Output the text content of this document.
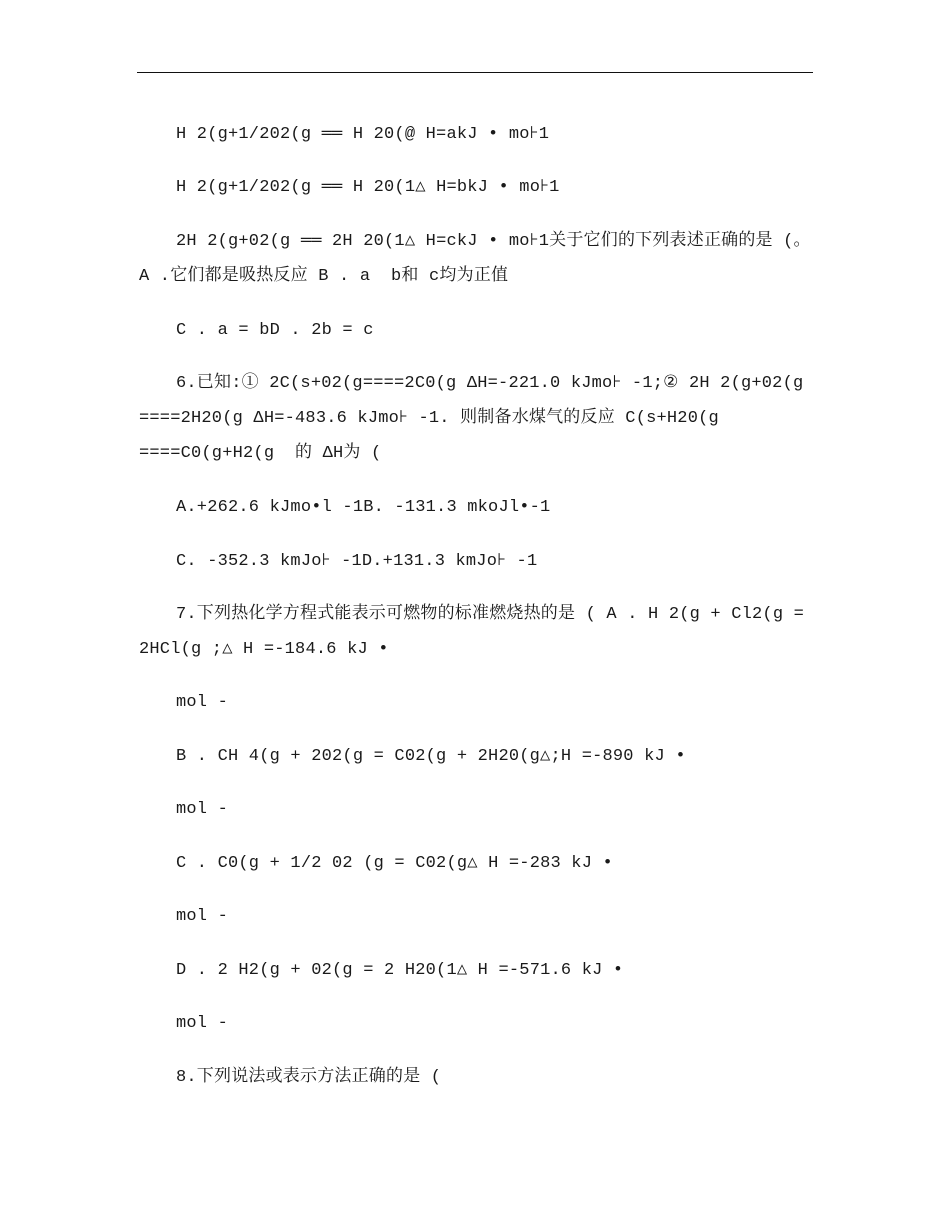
H 2(g+1/202(g ══ H 20(@ H=akJ • mo⊦1
H 2(g+1/202(g ══ H 20(1△ H=bkJ • mo⊦1
2H 2(g+02(g ══ 2H 20(1△ H=ckJ • mo⊦1关于它们的下列表述正确的是 (。
A .它们都是吸热反应 B . a  b和 c均为正值
C . a = bD . 2b = c
6.已知:① 2C(s+02(g====2C0(g ΔH=-221.0 kJmo⊦ -1;② 2H 2(g+02(g
====2H20(g ΔH=-483.6 kJmo⊦ -1. 则制备水煤气的反应 C(s+H20(g
====C0(g+H2(g  的 ΔH为 (
A.+262.6 kJmo•l -1B. -131.3 mkoJl•-1
C. -352.3 kmJo⊦ -1D.+131.3 kmJo⊦ -1
7.下列热化学方程式能表示可燃物的标准燃烧热的是 ( A . H 2(g + Cl2(g =
2HCl(g ;△ H =-184.6 kJ •
mol -
B . CH 4(g + 202(g = C02(g + 2H20(g△;H =-890 kJ •
mol -
C . C0(g + 1/2 02 (g = C02(g△ H =-283 kJ •
mol -
D . 2 H2(g + 02(g = 2 H20(1△ H =-571.6 kJ •
mol -
8.下列说法或表示方法正确的是 (
